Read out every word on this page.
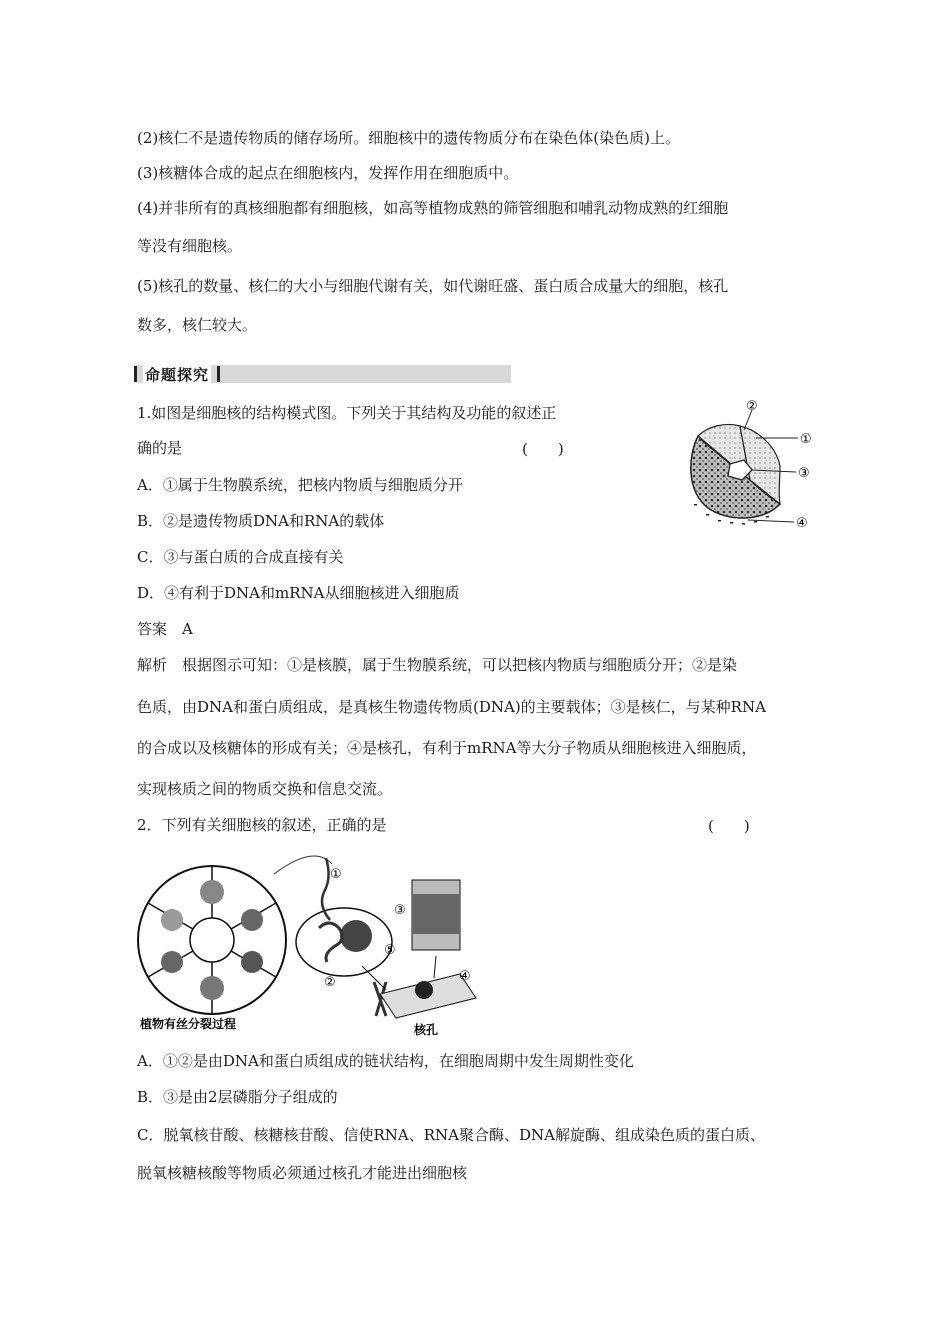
(2)核仁不是遗传物质的储存场所。细胞核中的遗传物质分布在染色体(染色质)上。
(3)核糖体合成的起点在细胞核内，发挥作用在细胞质中。
(4)并非所有的真核细胞都有细胞核，如高等植物成熟的筛管细胞和哺乳动物成熟的红细胞
等没有细胞核。
(5)核孔的数量、核仁的大小与细胞代谢有关，如代谢旺盛、蛋白质合成量大的细胞，核孔
数多，核仁较大。
命题探究
1.如图是细胞核的结构模式图。下列关于其结构及功能的叙述正
确的是	(　　)
A．①属于生物膜系统，把核内物质与细胞质分开
B．②是遗传物质DNA和RNA的载体
C．③与蛋白质的合成直接有关
D．④有利于DNA和mRNA从细胞核进入细胞质
答案　A
解析　根据图示可知：①是核膜，属于生物膜系统，可以把核内物质与细胞质分开；②是染
色质，由DNA和蛋白质组成，是真核生物遗传物质(DNA)的主要载体；③是核仁，与某种RNA
的合成以及核糖体的形成有关；④是核孔，有利于mRNA等大分子物质从细胞核进入细胞质，
实现核质之间的物质交换和信息交流。
②
①
③
④
2．下列有关细胞核的叙述，正确的是	(　　)
①
②
③
④
⑤
植物有丝分裂过程	核孔
A．①②是由DNA和蛋白质组成的链状结构，在细胞周期中发生周期性变化
B．③是由2层磷脂分子组成的
C．脱氧核苷酸、核糖核苷酸、信使RNA、RNA聚合酶、DNA解旋酶、组成染色质的蛋白质、
脱氧核糖核酸等物质必须通过核孔才能进出细胞核
